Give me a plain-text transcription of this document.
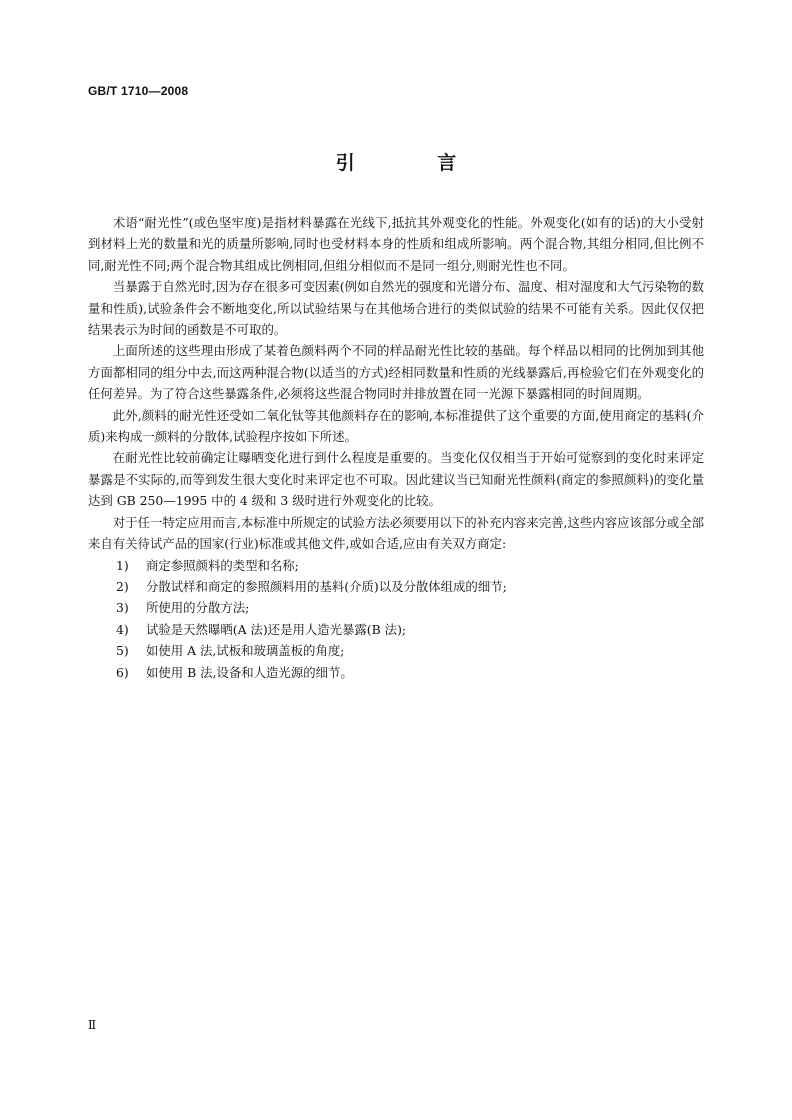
GB/T 1710—2008

引 言

术语“耐光性”(或色坚牢度)是指材料暴露在光线下,抵抗其外观变化的性能。外观变化(如有的话)的大小受射到材料上光的数量和光的质量所影响,同时也受材料本身的性质和组成所影响。两个混合物,其组分相同,但比例不同,耐光性不同;两个混合物其组成比例相同,但组分相似而不是同一组分,则耐光性也不同。

当暴露于自然光时,因为存在很多可变因素(例如自然光的强度和光谱分布、温度、相对湿度和大气污染物的数量和性质),试验条件会不断地变化,所以试验结果与在其他场合进行的类似试验的结果不可能有关系。因此仅仅把结果表示为时间的函数是不可取的。

上面所述的这些理由形成了某着色颜料两个不同的样品耐光性比较的基础。每个样品以相同的比例加到其他方面都相同的组分中去,而这两种混合物(以适当的方式)经相同数量和性质的光线暴露后,再检验它们在外观变化的任何差异。为了符合这些暴露条件,必须将这些混合物同时并排放置在同一光源下暴露相同的时间周期。

此外,颜料的耐光性还受如二氧化钛等其他颜料存在的影响,本标准提供了这个重要的方面,使用商定的基料(介质)来构成一颜料的分散体,试验程序按如下所述。

在耐光性比较前确定让曝晒变化进行到什么程度是重要的。当变化仅仅相当于开始可觉察到的变化时来评定暴露是不实际的,而等到发生很大变化时来评定也不可取。因此建议当已知耐光性颜料(商定的参照颜料)的变化量达到 GB 250—1995 中的 4 级和 3 级时进行外观变化的比较。

对于任一特定应用而言,本标准中所规定的试验方法必须要用以下的补充内容来完善,这些内容应该部分或全部来自有关待试产品的国家(行业)标准或其他文件,或如合适,应由有关双方商定:

1)	商定参照颜料的类型和名称;
2)	分散试样和商定的参照颜料用的基料(介质)以及分散体组成的细节;
3)	所使用的分散方法;
4)	试验是天然曝晒(A 法)还是用人造光暴露(B 法);
5)	如使用 A 法,试板和玻璃盖板的角度;
6)	如使用 B 法,设备和人造光源的细节。

Ⅱ
